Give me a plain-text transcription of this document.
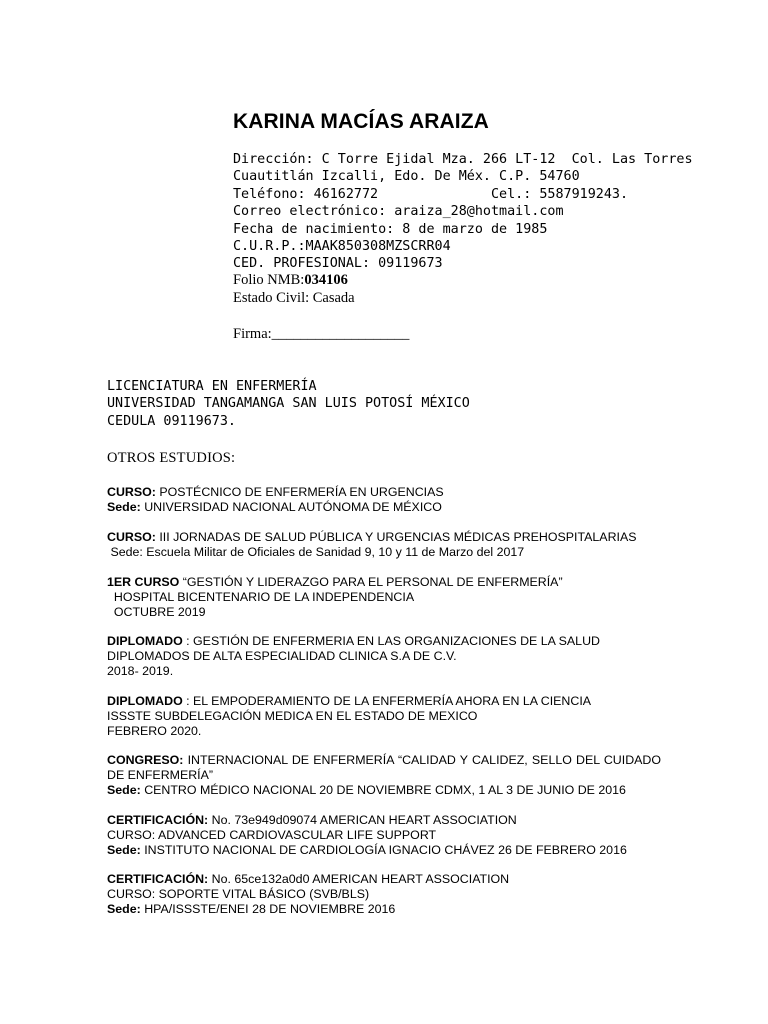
KARINA MACÍAS ARAIZA
Dirección: C Torre Ejidal Mza. 266 LT-12  Col. Las Torres
Cuautitlán Izcalli, Edo. De Méx. C.P. 54760
Teléfono: 46162772              Cel.: 5587919243.
Correo electrónico: araiza_28@hotmail.com
Fecha de nacimiento: 8 de marzo de 1985
C.U.R.P.:MAAK850308MZSCRR04
CED. PROFESIONAL: 09119673
Folio NMB:034106
Estado Civil: Casada
Firma:___________________
LICENCIATURA EN ENFERMERÍA
UNIVERSIDAD TANGAMANGA SAN LUIS POTOSÍ MÉXICO
CEDULA 09119673.
OTROS ESTUDIOS:
CURSO: POSTÉCNICO DE ENFERMERÍA EN URGENCIAS
Sede: UNIVERSIDAD NACIONAL AUTÓNOMA DE MÉXICO
CURSO: III JORNADAS DE SALUD PÚBLICA Y URGENCIAS MÉDICAS PREHOSPITALARIAS
Sede: Escuela Militar de Oficiales de Sanidad 9, 10 y 11 de Marzo del 2017
1ER CURSO “GESTIÓN Y LIDERAZGO PARA EL PERSONAL DE ENFERMERÍA”
HOSPITAL BICENTENARIO DE LA INDEPENDENCIA
OCTUBRE 2019
DIPLOMADO : GESTIÓN DE ENFERMERIA EN LAS ORGANIZACIONES DE LA SALUD
DIPLOMADOS DE ALTA ESPECIALIDAD CLINICA S.A DE C.V.
2018- 2019.
DIPLOMADO : EL EMPODERAMIENTO DE LA ENFERMERÍA AHORA EN LA CIENCIA
ISSSTE SUBDELEGACIÓN MEDICA EN EL ESTADO DE MEXICO
FEBRERO 2020.
CONGRESO: INTERNACIONAL DE ENFERMERÍA “CALIDAD Y CALIDEZ, SELLO DEL CUIDADO DE ENFERMERÍA”
Sede: CENTRO MÉDICO NACIONAL 20 DE NOVIEMBRE CDMX, 1 AL 3 DE JUNIO DE 2016
CERTIFICACIÓN: No. 73e949d09074 AMERICAN HEART ASSOCIATION
CURSO: ADVANCED CARDIOVASCULAR LIFE SUPPORT
Sede: INSTITUTO NACIONAL DE CARDIOLOGÍA IGNACIO CHÁVEZ 26 DE FEBRERO 2016
CERTIFICACIÓN: No. 65ce132a0d0 AMERICAN HEART ASSOCIATION
CURSO: SOPORTE VITAL BÁSICO (SVB/BLS)
Sede: HPA/ISSSTE/ENEI 28 DE NOVIEMBRE 2016
